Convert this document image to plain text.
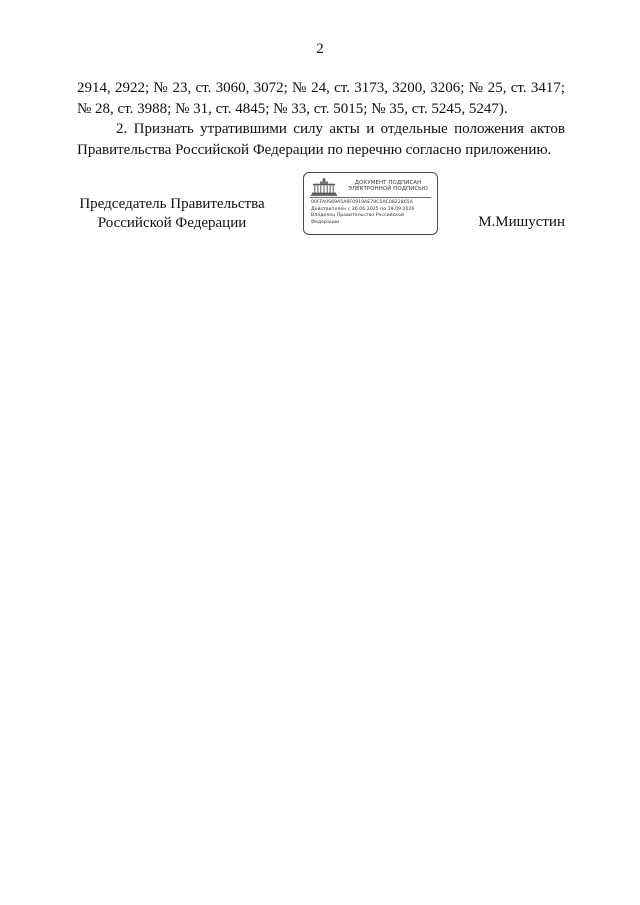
2

2914, 2922; № 23, ст. 3060, 3072; № 24, ст. 3173, 3200, 3206; № 25, ст. 3417;

№ 28, ст. 3988; № 31, ст. 4845; № 33, ст. 5015; № 35, ст. 5245, 5247).

2. Признать утратившими силу акты и отдельные положения актов

Правительства Российской Федерации по перечню согласно приложению.

Председатель Правительства
Российской Федерации
ДОКУМЕНТ ПОДПИСАН
ЭЛЕКТРОННОЙ ПОДПИСЬЮ
00FFA0S69A5A9F0919AE79C5AC0822865A
Действителен с 26.06.2025 по 19.09.2026
Владелец Правительство Российской
Федерации	М.Мишустин
